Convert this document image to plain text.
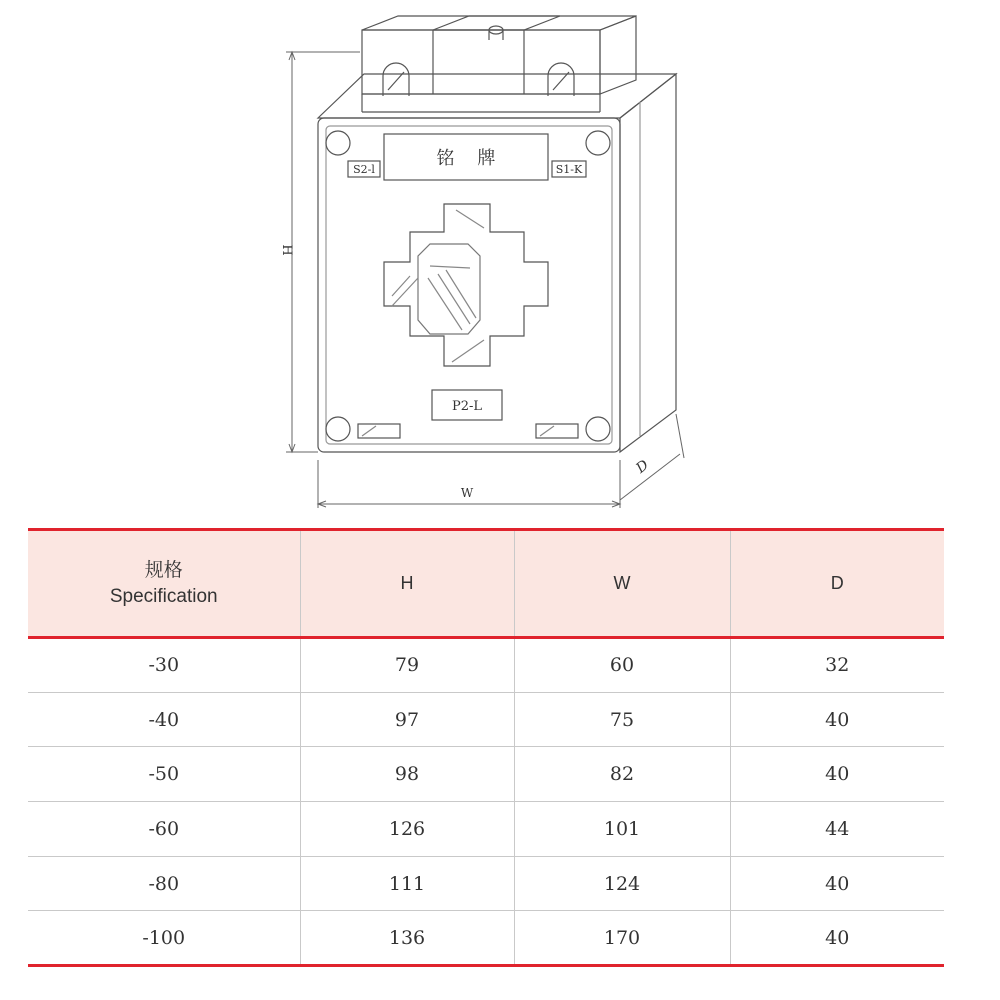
铭    牌
S2-l	S1-K
P2-L
H
W
D
规格
Specification	H	W	D
-30	79	60	32
-40	97	75	40
-50	98	82	40
-60	126	101	44
-80	111	124	40
-100	136	170	40
